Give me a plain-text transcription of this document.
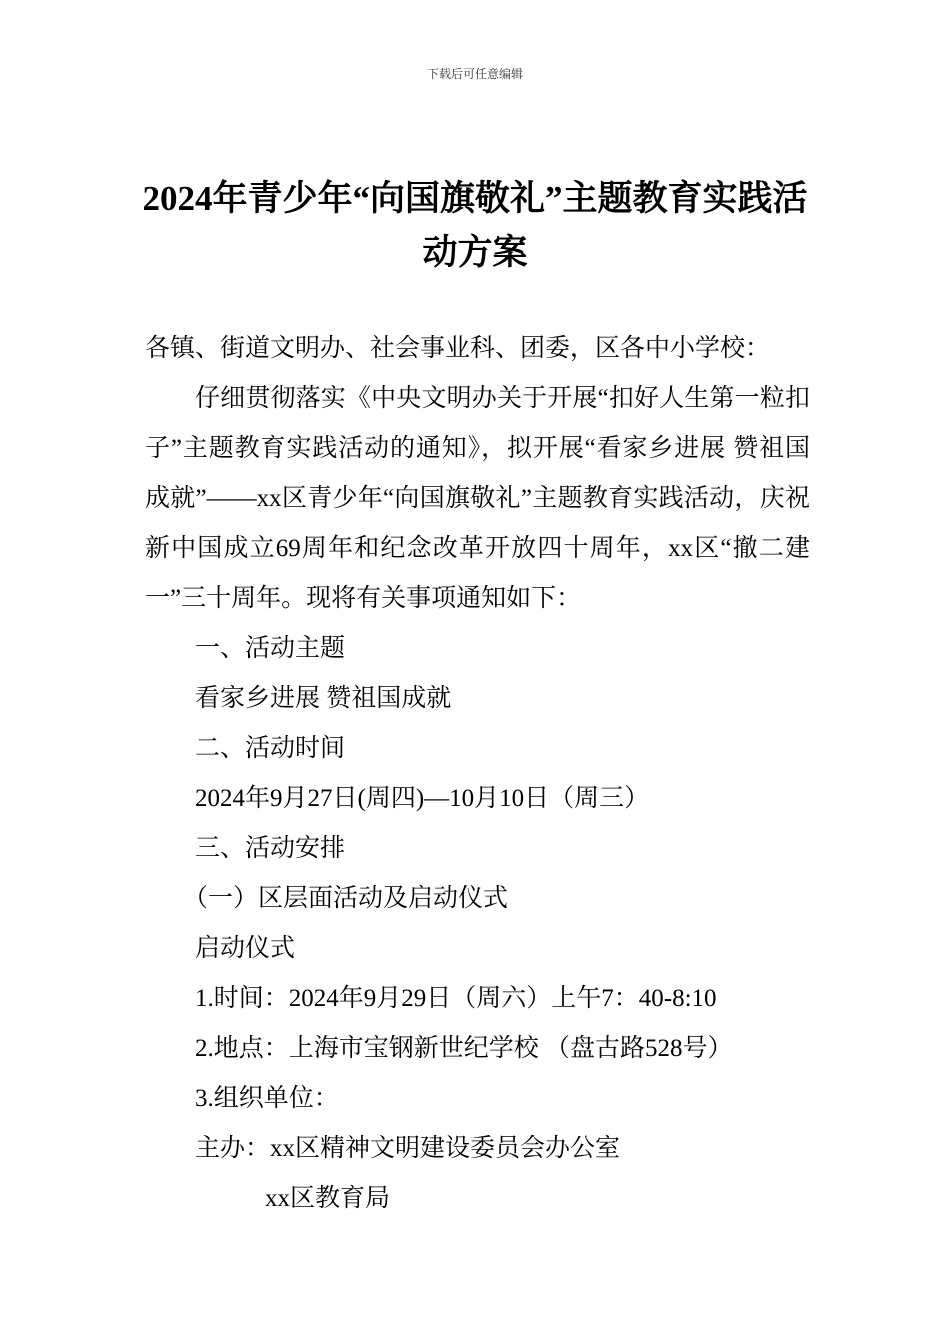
下载后可任意编辑
2024年青少年“向国旗敬礼”主题教育实践活动方案

各镇、街道文明办、社会事业科、团委，区各中小学校：

仔细贯彻落实《中央文明办关于开展“扣好人生第一粒扣子”主题教育实践活动的通知》，拟开展“看家乡进展 赞祖国成就”——xx区青少年“向国旗敬礼”主题教育实践活动，庆祝新中国成立69周年和纪念改革开放四十周年，xx区“撤二建一”三十周年。现将有关事项通知如下：

一、活动主题

看家乡进展 赞祖国成就

二、活动时间

2024年9月27日(周四)—10月10日（周三）

三、活动安排

（一）区层面活动及启动仪式

启动仪式

1.时间：2024年9月29日（周六）上午7：40-8:10

2.地点：上海市宝钢新世纪学校 （盘古路528号）

3.组织单位：

主办：xx区精神文明建设委员会办公室

xx区教育局
